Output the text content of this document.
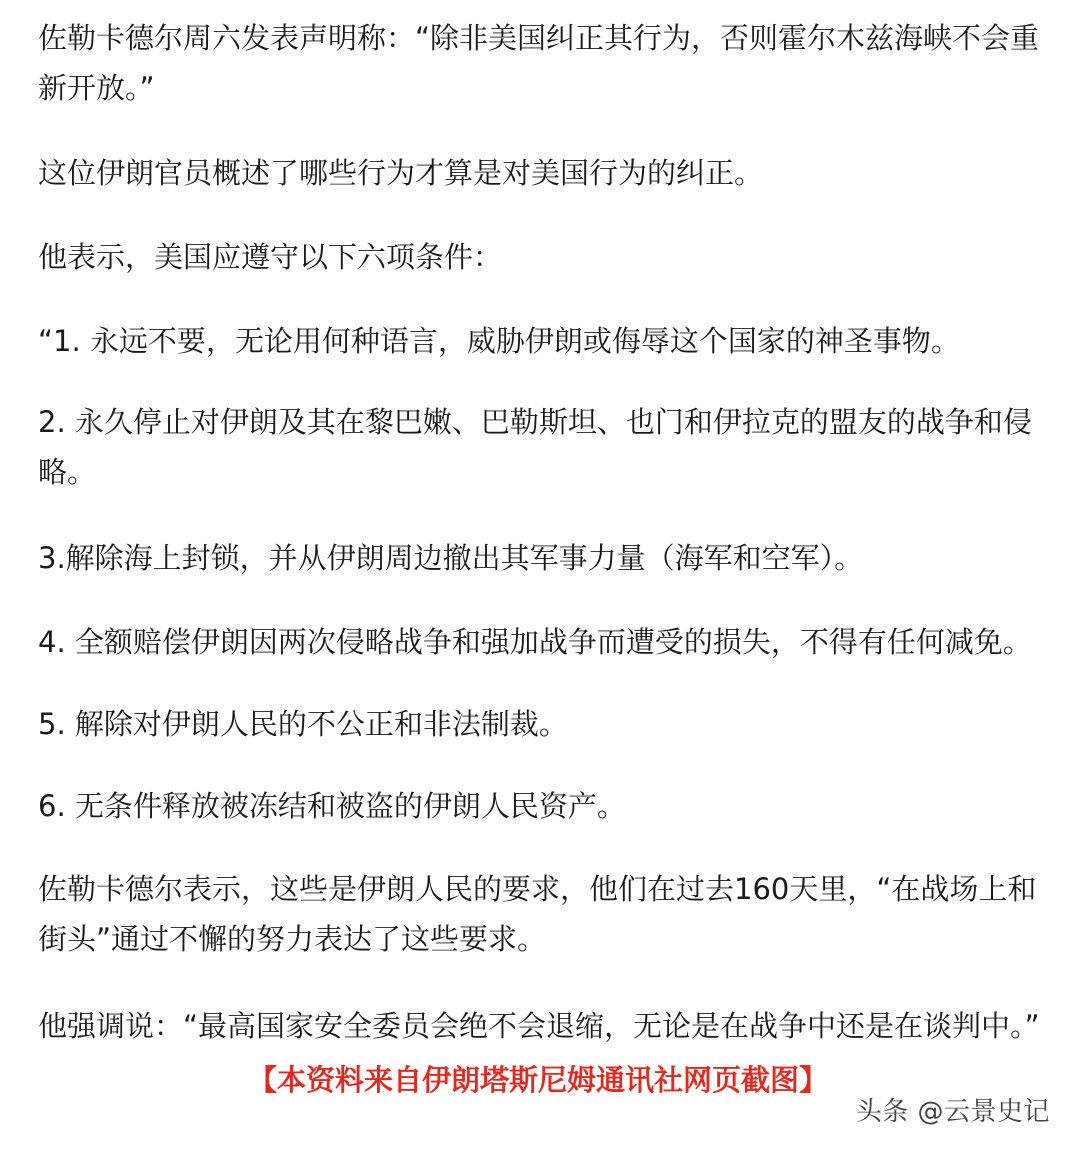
佐勒卡德尔周六发表声明称：“除非美国纠正其行为，否则霍尔木兹海峡不会重新开放。”

这位伊朗官员概述了哪些行为才算是对美国行为的纠正。

他表示，美国应遵守以下六项条件：

“1. 永远不要，无论用何种语言，威胁伊朗或侮辱这个国家的神圣事物。

2. 永久停止对伊朗及其在黎巴嫩、巴勒斯坦、也门和伊拉克的盟友的战争和侵略。

3.解除海上封锁，并从伊朗周边撤出其军事力量（海军和空军）。

4. 全额赔偿伊朗因两次侵略战争和强加战争而遭受的损失，不得有任何减免。

5. 解除对伊朗人民的不公正和非法制裁。

6. 无条件释放被冻结和被盗的伊朗人民资产。

佐勒卡德尔表示，这些是伊朗人民的要求，他们在过去160天里，“在战场上和街头”通过不懈的努力表达了这些要求。

他强调说：“最高国家安全委员会绝不会退缩，无论是在战争中还是在谈判中。”

【本资料来自伊朗塔斯尼姆通讯社网页截图】
头条 @云景史记
